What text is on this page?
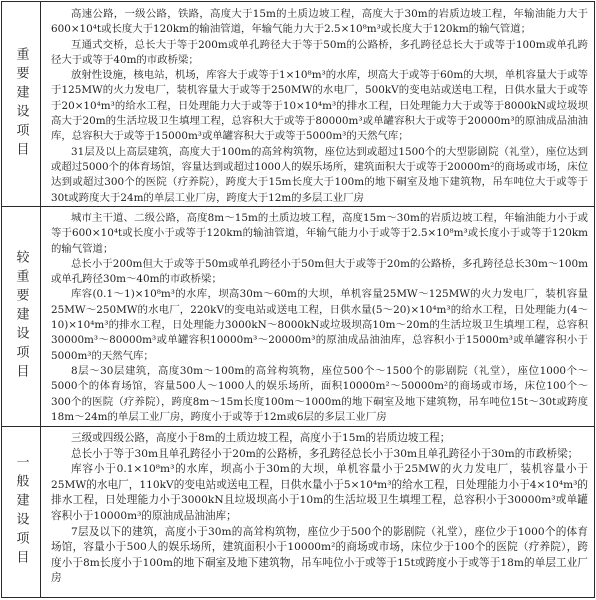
重要建设项目

高速公路，一级公路，铁路，高度大于15m的土质边坡工程，高度大于30m的岩质边坡工程，年输油能力大于600×10⁴t或长度大于120km的输油管道，年输气能力大于2.5×10⁸m³或长度大于120km的输气管道；

互通式交桥，总长大于等于200m或单孔跨径大于等于50m的公路桥，多孔跨径总长大于或等于100m或单孔跨径大于或等于40m的市政桥梁；

放射性设施，核电站，机场，库容大于或等于1×10⁸m³的水库，坝高大于或等于60m的大坝，单机容量大于或等于125MW的火力发电厂，装机容量大于或等于250MW的水电厂，500kV的变电站或送电工程，日供水量大于或等于20×10⁴m³的给水工程，日处理能力大于或等于10×10⁴m³的排水工程，日处理能力大于或等于8000kN或垃圾坝高大于20m的生活垃圾卫生填埋工程，总容积大于或等于80000m³或单罐容积大于或等于20000m³的原油成品油油库，总容积大于或等于15000m³或单罐容积大于或等于5000m³的天然气库；

31层及以上高层建筑，高度大于100m的高耸构筑物，座位达到或超过1500个的大型影剧院（礼堂），座位达到或超过5000个的体育场馆，容量达到或超过1000人的娱乐场所，建筑面积大于或等于20000m²的商场或市场，床位达到或超过300个的医院（疗养院），跨度大于15m长度大于100m的地下硐室及地下建筑物，吊车吨位大于或等于30t或跨度大于24m的单层工业厂房，跨度大于12m的多层工业厂房

较重要建设项目

城市主干道、二级公路，高度8m～15m的土质边坡工程，高度15m～30m的岩质边坡工程，年输油能力小于或等于600×10⁴t或长度小于或等于120km的输油管道，年输气能力小于或等于2.5×10⁸m³或长度小于或等于120km的输气管道；

总长小于200m但大于或等于50m或单孔跨径小于50m但大于或等于20m的公路桥，多孔跨径总长30m～100m或单孔跨径30m～40m的市政桥梁；

库容(0.1～1)×10⁸m³的水库，坝高30m～60m的大坝，单机容量25MW～125MW的火力发电厂，装机容量25MW～250MW的水电厂，220kV的变电站或送电工程，日供水量(5～20)×10⁴m³的给水工程，日处理能力(4～10)×10⁴m³的排水工程，日处理能力3000kN～8000kN或垃圾坝高10m～20m的生活垃圾卫生填埋工程，总容积30000m³～80000m³或单罐容积10000m³～20000m³的原油成品油油库，总容积小于15000m³或单罐容积小于5000m³的天然气库；

8层～30层建筑，高度30m～100m的高耸构筑物，座位500个～1500个的影剧院（礼堂），座位1000个～5000个的体育场馆，容量500人～1000人的娱乐场所，面积10000m²～50000m²的商场或市场，床位100个～300个的医院（疗养院），跨度8m～15m长度100m～1000m的地下硐室及地下建筑物，吊车吨位15t～30t或跨度18m～24m的单层工业厂房，跨度小于或等于12m或6层的多层工业厂房

一般建设项目

三级或四级公路，高度小于8m的土质边坡工程，高度小于15m的岩质边坡工程；

总长小于等于30m且单孔跨径小于20m的公路桥，多孔跨径总长小于30m且单孔跨径小于30m的市政桥梁；

库容小于0.1×10⁸m³的水库，坝高小于30m的大坝，单机容量小于25MW的火力发电厂，装机容量小于25MW的水电厂，110kV的变电站或送电工程，日供水量小于5×10⁴m³的给水工程，日处理能力小于4×10⁴m³的排水工程，日处理能力小于3000kN且垃圾坝高小于10m的生活垃圾卫生填埋工程，总容积小于30000m³或单罐容积小于10000m³的原油成品油油库；

7层及以下的建筑，高度小于30m的高耸构筑物，座位少于500个的影剧院（礼堂），座位少于1000个的体育场馆，容量小于500人的娱乐场所，建筑面积小于10000m²的商场或市场，床位少于100个的医院（疗养院），跨度小于8m长度小于100m的地下硐室及地下建筑物，吊车吨位小于或等于15t或跨度小于或等于18m的单层工业厂房
